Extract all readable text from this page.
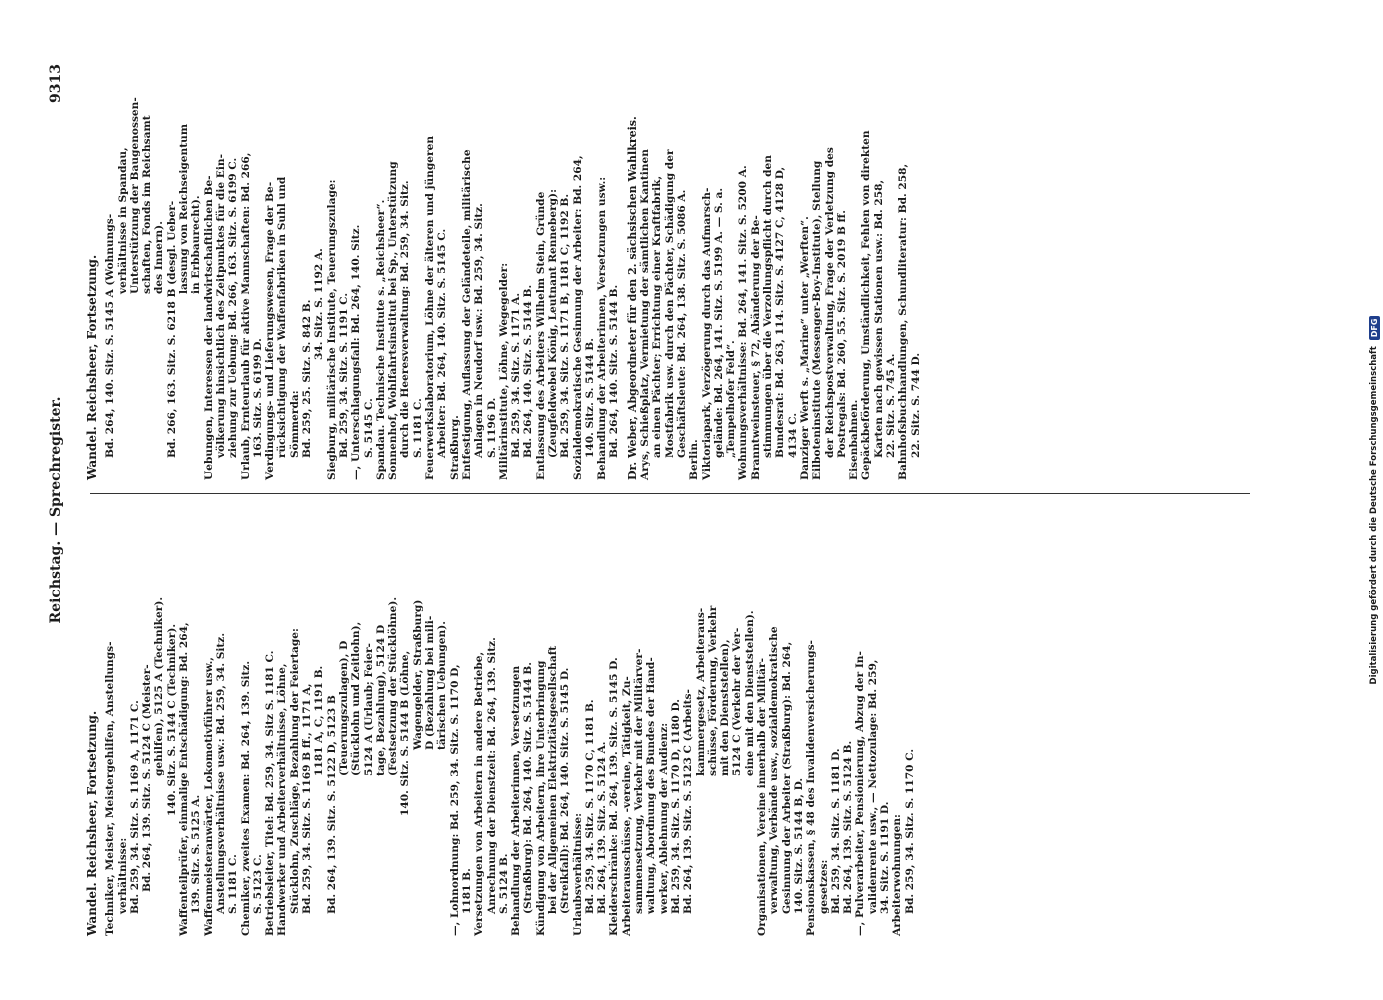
Reichstag. — Sprechregister.
9313
Wandel. Reichsheer, Fortsetzung. Techniker, Meister, Meistergehilfen, Anstellungs- verhältnisse: Bd. 259, 34. Sitz. S. 1169 A, 1171 C. Bd. 264, 139. Sitz. S. 5124 C (Meister- gehilfen), 5125 A (Techniker). 140. Sitz. S. 5144 C (Techniker). Waffenteilprüfer, einmalige Entschädigung: Bd. 264, 139. Sitz. S. 5125 A. Waffenmeisteranwärter, Lokomotivführer usw., Anstellungsverhältnisse usw.: Bd. 259, 34. Sitz. S. 1181 C. Chemiker, zweites Examen: Bd. 264, 139. Sitz. S. 5123 C. Betriebsleiter, Titel: Bd. 259, 34. Sitz S. 1181 C. Handwerker und Arbeiterverhältnisse, Löhne, Stücklohn, Zuschläge, Bezahlung der Feiertage: Bd. 259, 34. Sitz. S. 1169 B ff., 1171 A, 1181 A, C, 1191 B. Bd. 264, 139. Sitz. S. 5122 D, 5123 B (Teuerungszulagen), D (Stücklohn und Zeitlohn), 5124 A (Urlaub; Feier- tage, Bezahlung), 5124 D (Festsetzung der Stücklöhne). 140. Sitz. S. 5144 B (Löhne, Wagengelder, Straßburg) D (Bezahlung bei mili- tärischen Uebungen). —, Lohnordnung: Bd. 259, 34. Sitz. S. 1170 D, 1181 B. Versetzungen von Arbeitern in andere Betriebe, Anrechnung der Dienstzeit: Bd. 264, 139. Sitz. S. 5124 B. Behandlung der Arbeiterinnen, Versetzungen (Straßburg): Bd. 264, 140. Sitz. S. 5144 B. Kündigung von Arbeitern, ihre Unterbringung bei der Allgemeinen Elektrizitätsgesellschaft (Streikfall): Bd. 264, 140. Sitz. S. 5145 D. Urlaubsverhältnisse: Bd. 259, 34. Sitz. S. 1170 C, 1181 B. Bd. 264, 139. Sitz. S. 5124 A. Kleiderschränke: Bd. 264, 139. Sitz. S. 5145 D. Arbeiterausschüsse, -vereine, Tätigkeit, Zu- sammensetzung, Verkehr mit der Militärver- waltung, Abordnung des Bundes der Hand- werker, Ablehnung der Audienz: Bd. 259, 34. Sitz. S. 1170 D, 1180 D. Bd. 264, 139. Sitz. S. 5123 C (Arbeits- kammergesetz, Arbeiteraus- schüsse, Förderung, Verkehr mit den Dienststellen), 5124 C (Verkehr der Ver- eine mit den Dienststellen). Organisationen, Vereine innerhalb der Militär- verwaltung, Verbände usw., sozialdemokratische Gesinnung der Arbeiter (Straßburg): Bd. 264, 140. Sitz. S. 5144 B, D. Pensionskassen, § 48 des Invalidenversicherungs- gesetzes: Bd. 259, 34. Sitz. S. 1181 D. Bd. 264, 139. Sitz. S. 5124 B. —, Pulverarbeiter, Pensionierung, Abzug der In- validenrente usw., — Nettozulage: Bd. 259, 34. Sitz. S. 1191 D. Arbeiterwohnungen: Bd. 259, 34. Sitz. S. 1170 C.
Wandel. Reichsheer, Fortsetzung. Bd. 264, 140. Sitz. S. 5145 A (Wohnungs- verhältnisse in Spandau, Unterstützung der Baugenossen- schaften, Fonds im Reichsamt des Innern). Bd. 266, 163. Sitz. S. 6218 B (desgl. Ueber- lassung von Reichseigentum in Erbbaurecht). Uebungen, Interessen der landwirtschaftlichen Be- völkerung hinsichtlich des Zeitpunktes für die Ein- ziehung zur Uebung: Bd. 266, 163. Sitz. S. 6199 C. Urlaub, Ernteurlaub für aktive Mannschaften: Bd. 266, 163. Sitz. S. 6199 D. Verdingungs- und Lieferungswesen, Frage der Be- rücksichtigung der Waffenfabriken in Suhl und Sömmerda: Bd. 259, 25. Sitz. S. 842 B. 34. Sitz. S. 1192 A. Siegburg, militärische Institute, Teuerungszulage: Bd. 259, 34. Sitz. S. 1191 C. —, Unterschlagungsfall: Bd. 264, 140. Sitz. S. 5145 C. Spandau. Technische Institute s. „Reichsheer“. Sonnenhof, Wohlfahrtsinstitut bei Sp., Unterstützung durch die Heeresverwaltung: Bd. 259, 34. Sitz. S. 1181 C. Feuerwerkslaboratorium, Löhne der älteren und jüngeren Arbeiter: Bd. 264, 140. Sitz. S. 5145 C. Straßburg. Entfestigung, Auflassung der Geländeteile, militärische Anlagen in Neudorf usw.: Bd. 259, 34. Sitz. S. 1196 D. Militärinstitute, Löhne, Wegegelder: Bd. 259, 34. Sitz. S. 1171 A. Bd. 264, 140. Sitz. S. 5144 B. Entlassung des Arbeiters Wilhelm Stein, Gründe (Zeugfeldwebel König, Leutnant Renneberg): Bd. 259, 34. Sitz. S. 1171 B, 1181 C, 1192 B. Sozialdemokratische Gesinnung der Arbeiter: Bd. 264, 140. Sitz. S. 5144 B. Behandlung der Arbeiterinnen, Versetzungen usw.: Bd. 264, 140. Sitz. S. 5144 B. Dr. Weber, Abgeordneter für den 2. sächsischen Wahlkreis. Arys, Schießplatz, Vermietung der sämtlichen Kantinen an einen Pächter; Errichtung einer Kraftfabrik, Mostfabrik usw. durch den Pächter, Schädigung der Geschäftsleute: Bd. 264, 138. Sitz. S. 5086 A.
Berlin. Viktoriapark, Verzögerung durch das Aufmarsch- gelände: Bd. 264, 141. Sitz. S. 5199 A. — S. a. „Tempelhofer Feld“. Wohnungsverhältnisse: Bd. 264, 141. Sitz. S. 5200 A. Branntweinsteuer, § 72, Abänderung der Be- stimmungen über die Verzollungspflicht durch den Bundesrat: Bd. 263, 114. Sitz. S. 4127 C, 4128 D, 4134 C. Danziger Werft s. „Marine“ unter „Werften“. Eilboteninstitute (Messenger-Boy-Institute), Stellung der Reichspostverwaltung, Frage der Verletzung des Postregals: Bd. 260, 55. Sitz. S. 2019 B ff. Eisenbahnen. Gepäckbeförderung, Umständlichkeit, Fehlen von direkten Karten nach gewissen Stationen usw.: Bd. 258, 22. Sitz. S. 745 A. Bahnhofsbuchhandlungen, Schundliteratur: Bd. 258, 22. Sitz. S. 744 D.	Digitalisierung gefördert durch die Deutsche Forschungsgemeinschaft
DFG
